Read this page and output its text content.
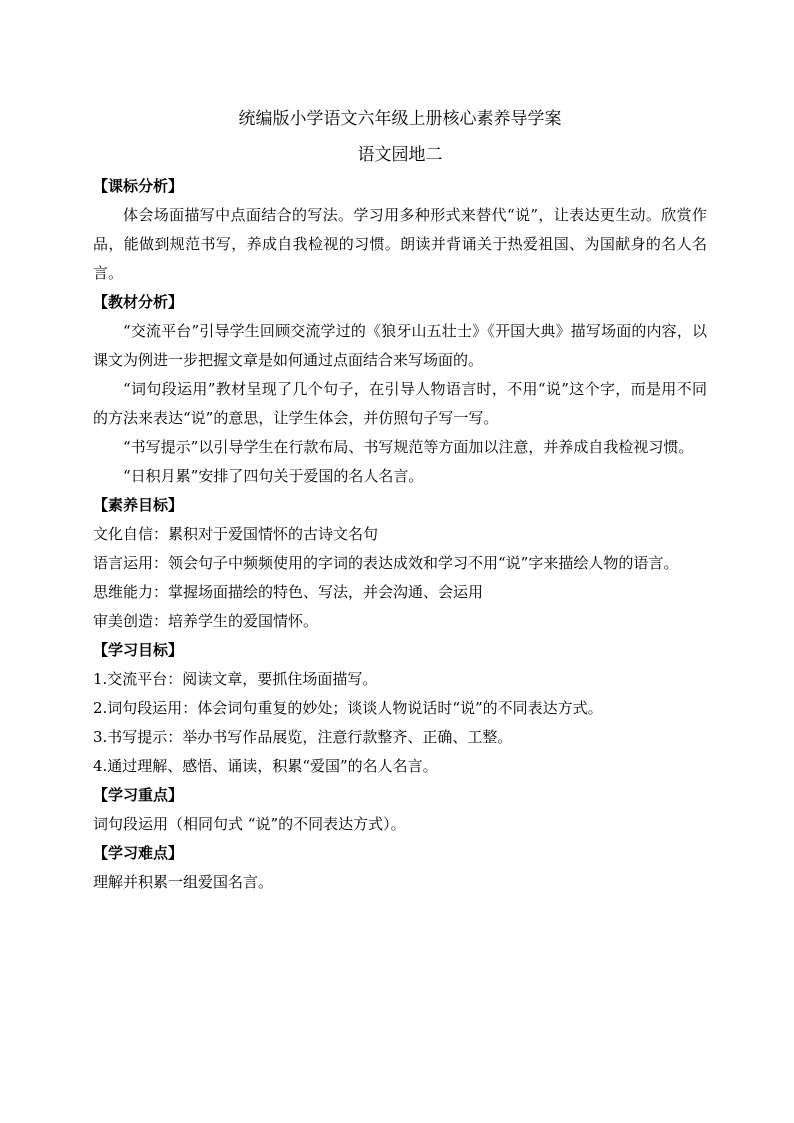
统编版小学语文六年级上册核心素养导学案

语文园地二

【课标分析】

体会场面描写中点面结合的写法。学习用多种形式来替代“说”，让表达更生动。欣赏作品，能做到规范书写，养成自我检视的习惯。朗读并背诵关于热爱祖国、为国献身的名人名言。

【教材分析】

“交流平台”引导学生回顾交流学过的《狼牙山五壮士》《开国大典》描写场面的内容，以课文为例进一步把握文章是如何通过点面结合来写场面的。

“词句段运用”教材呈现了几个句子，在引导人物语言时，不用“说”这个字，而是用不同的方法来表达“说”的意思，让学生体会，并仿照句子写一写。

“书写提示”以引导学生在行款布局、书写规范等方面加以注意，并养成自我检视习惯。

“日积月累”安排了四句关于爱国的名人名言。

【素养目标】

文化自信：累积对于爱国情怀的古诗文名句

语言运用：领会句子中频频使用的字词的表达成效和学习不用“说”字来描绘人物的语言。

思维能力：掌握场面描绘的特色、写法，并会沟通、会运用

审美创造：培养学生的爱国情怀。

【学习目标】

1.交流平台：阅读文章，要抓住场面描写。

2.词句段运用：体会词句重复的妙处；谈谈人物说话时“说”的不同表达方式。

3.书写提示：举办书写作品展览，注意行款整齐、正确、工整。

4.通过理解、感悟、诵读，积累“爱国”的名人名言。

【学习重点】

词句段运用（相同句式 “说”的不同表达方式）。

【学习难点】

理解并积累一组爱国名言。
